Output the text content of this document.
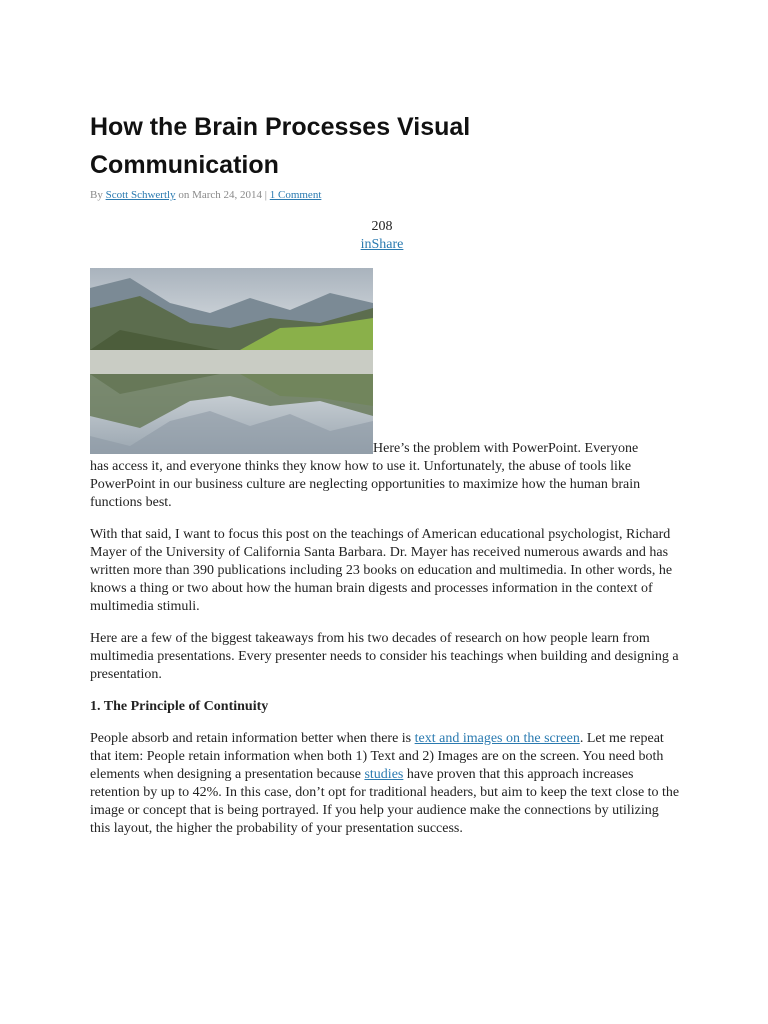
How the Brain Processes Visual Communication
By Scott Schwertly on March 24, 2014 | 1 Comment
208
inShare

Here’s the problem with PowerPoint. Everyone

has access it, and everyone thinks they know how to use it. Unfortunately, the abuse of tools like PowerPoint in our business culture are neglecting opportunities to maximize how the human brain functions best.

With that said, I want to focus this post on the teachings of American educational psychologist, Richard Mayer of the University of California Santa Barbara. Dr. Mayer has received numerous awards and has written more than 390 publications including 23 books on education and multimedia. In other words, he knows a thing or two about how the human brain digests and processes information in the context of multimedia stimuli.

Here are a few of the biggest takeaways from his two decades of research on how people learn from multimedia presentations. Every presenter needs to consider his teachings when building and designing a presentation.

1. The Principle of Continuity

People absorb and retain information better when there is text and images on the screen. Let me repeat that item: People retain information when both 1) Text and 2) Images are on the screen. You need both elements when designing a presentation because studies have proven that this approach increases retention by up to 42%. In this case, don’t opt for traditional headers, but aim to keep the text close to the image or concept that is being portrayed. If you help your audience make the connections by utilizing this layout, the higher the probability of your presentation success.
